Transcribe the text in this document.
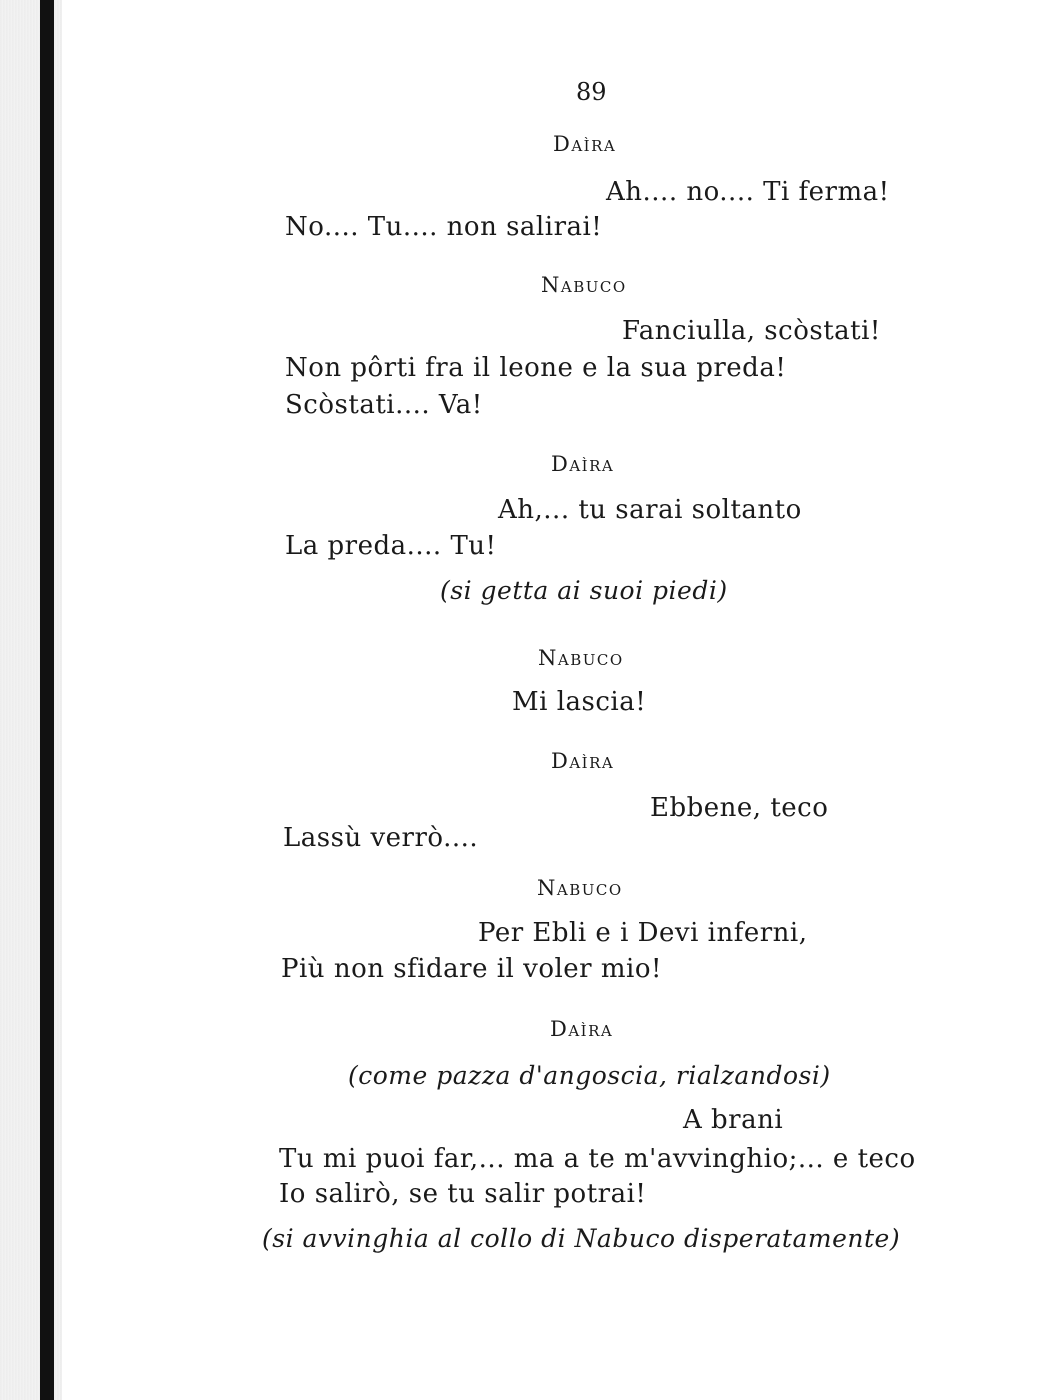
89
Daìra
Ah.... no.... Ti ferma!
No.... Tu.... non salirai!
Nabuco
Fanciulla, scòstati!
Non pôrti fra il leone e la sua preda!
Scòstati.... Va!
Daìra
Ah,... tu sarai soltanto
La preda.... Tu!
(si getta ai suoi piedi)
Nabuco
Mi lascia!
Daìra
Ebbene, teco
Lassù verrò....
Nabuco
Per Ebli e i Devi inferni,
Più non sfidare il voler mio!
Daìra
(come pazza d'angoscia, rialzandosi)
A brani
Tu mi puoi far,... ma a te m'avvinghio;... e teco
Io salirò, se tu salir potrai!
(si avvinghia al collo di Nabuco disperatamente)
